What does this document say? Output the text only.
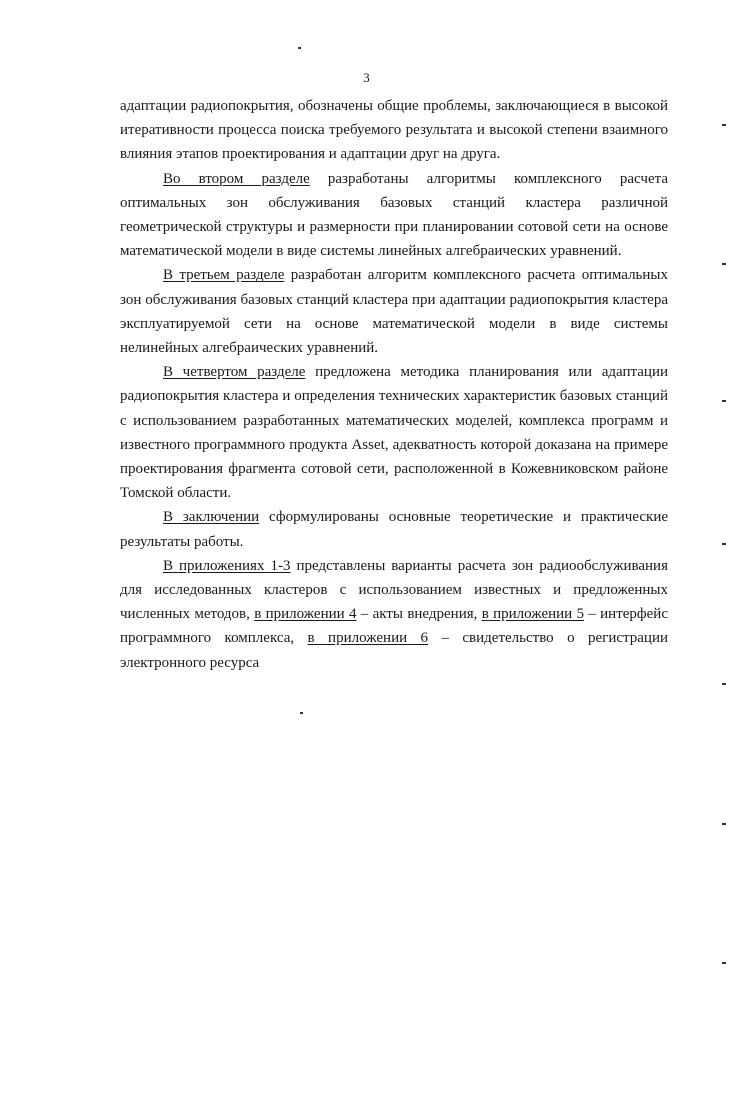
3

адаптации радиопокрытия, обозначены общие проблемы, заключающиеся в высокой итеративности процесса поиска требуемого результата и высокой степени взаимного влияния этапов проектирования и адаптации друг на друга.

Во втором разделе разработаны алгоритмы комплексного расчета оптимальных зон обслуживания базовых станций кластера различной геометрической структуры и размерности при планировании сотовой сети на основе математической модели в виде системы линейных алгебраических уравнений.

В третьем разделе разработан алгоритм комплексного расчета оптимальных зон обслуживания базовых станций кластера при адаптации радиопокрытия кластера эксплуатируемой сети на основе математической модели в виде системы нелинейных алгебраических уравнений.

В четвертом разделе предложена методика планирования или адаптации радиопокрытия кластера и определения технических характеристик базовых станций с использованием разработанных математических моделей, комплекса программ и известного программного продукта Asset, адекватность которой доказана на примере проектирования фрагмента сотовой сети, расположенной в Кожевниковском районе Томской области.

В заключении сформулированы основные теоретические и практические результаты работы.

В приложениях 1-3 представлены варианты расчета зон радиообслуживания для исследованных кластеров с использованием известных и предложенных численных методов, в приложении 4 – акты внедрения, в приложении 5 – интерфейс программного комплекса, в приложении 6 – свидетельство о регистрации электронного ресурса
